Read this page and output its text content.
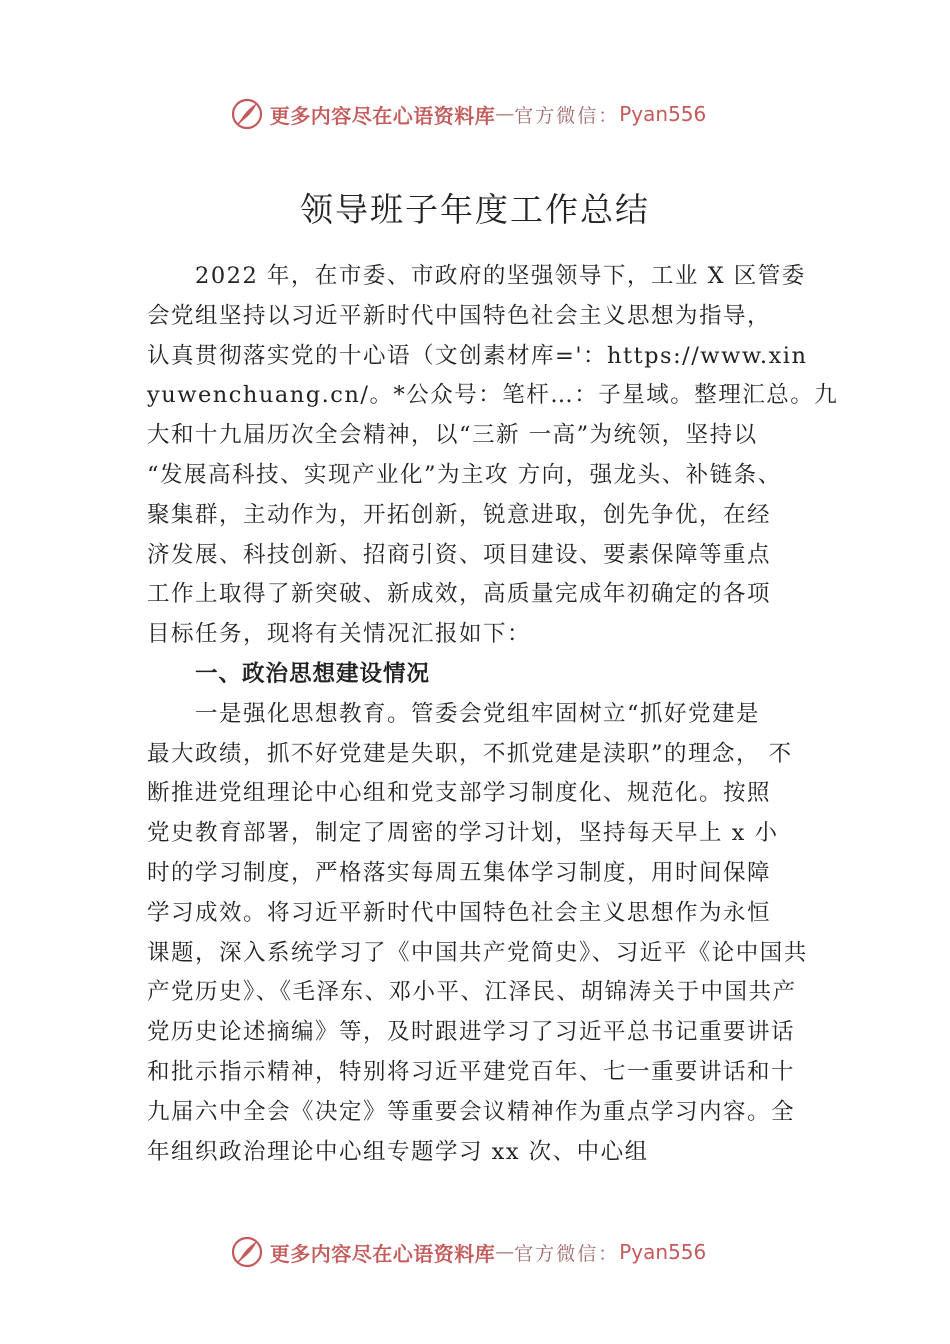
更多内容尽在心语资料库 — 官方微信： Pyan556
领导班子年度工作总结
2022 年，在市委、市政府的坚强领导下，工业 X 区管委
会党组坚持以习近平新时代中国特色社会主义思想为指导，
认真贯彻落实党的十心语（文创素材库='：https://www.xin
yuwenchuang.cn/。*公众号：笔杆…：子星域。整理汇总。九
大和十九届历次全会精神，以“三新 一高”为统领，坚持以
“发展高科技、实现产业化”为主攻 方向，强龙头、补链条、
聚集群，主动作为，开拓创新，锐意进取，创先争优，在经
济发展、科技创新、招商引资、项目建设、要素保障等重点
工作上取得了新突破、新成效，高质量完成年初确定的各项
目标任务，现将有关情况汇报如下：
一、政治思想建设情况
一是强化思想教育。管委会党组牢固树立“抓好党建是
最大政绩，抓不好党建是失职，不抓党建是渎职”的理念， 不
断推进党组理论中心组和党支部学习制度化、规范化。按照
党史教育部署，制定了周密的学习计划，坚持每天早上 x 小
时的学习制度，严格落实每周五集体学习制度，用时间保障
学习成效。将习近平新时代中国特色社会主义思想作为永恒
课题，深入系统学习了《中国共产党简史》、习近平《论中国共
产党历史》、《毛泽东、邓小平、江泽民、胡锦涛关于中国共产
党历史论述摘编》等，及时跟进学习了习近平总书记重要讲话
和批示指示精神，特别将习近平建党百年、七一重要讲话和十
九届六中全会《决定》等重要会议精神作为重点学习内容。全
年组织政治理论中心组专题学习 xx 次、中心组
更多内容尽在心语资料库 — 官方微信： Pyan556
